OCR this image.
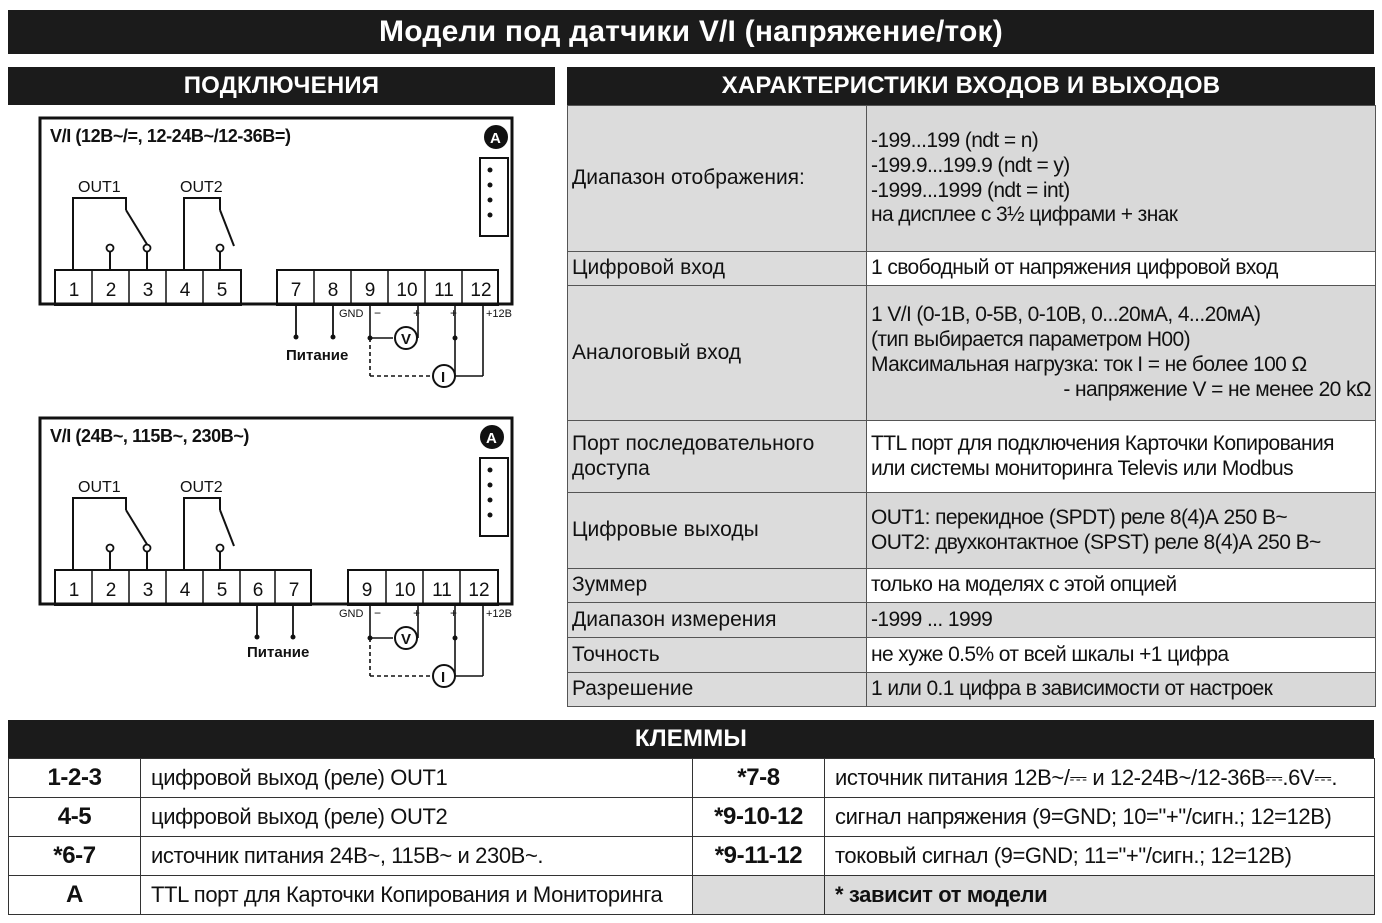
Модели под датчики V/I (напряжение/ток)
ПОДКЛЮЧЕНИЯ	ХАРАКТЕРИСТИКИ ВХОДОВ И ВЫХОДОВ
1 2 3 4 5	7 8 9 10 11 12
OUT1	OUT2
GND −	+ +	+12В
Питание
V
I
A
V/I (12В~/=, 12-24В~/12-36В=)
1 2 3 4 5 6 7	9 10 11 12
OUT1	OUT2
GND −	+ +	+12В
Питание
V
I
A
V/I (24В~, 115В~, 230В~)
Диапазон отображения:	-199...199 (ndt = n)
-199.9...199.9 (ndt = y)
-1999...1999 (ndt = int)
на дисплее с 3½ цифрами + знак

Цифровой вход	1 свободный от напряжения цифровой вход

Аналоговый вход	1 V/I (0-1В, 0-5В, 0-10В, 0...20мА, 4...20мА)
(тип выбирается параметром H00)
Максимальная нагрузка: ток I = не более 100 Ω
- напряжение V = не менее 20 kΩ

Порт последовательного доступа	TTL порт для подключения Карточки Копирования
или системы мониторинга Televis или Modbus

Цифровые выходы	OUT1: перекидное (SPDT) реле 8(4)А 250 В~
OUT2: двухконтактное (SPST) реле 8(4)А 250 В~

Зуммер	только на моделях с этой опцией

Диапазон измерения	-1999 ... 1999

Точность	не хуже 0.5% от всей шкалы +1 цифра

Разрешение	1 или 0.1 цифра в зависимости от настроек
КЛЕММЫ
1-2-3	цифровой выход (реле) OUT1	*7-8	источник питания 12В~/⎓ и 12-24В~/12-36В⎓.6V⎓.
4-5	цифровой выход (реле) OUT2	*9-10-12	сигнал напряжения (9=GND; 10="+"/сигн.; 12=12В)
*6-7	источник питания 24В~, 115В~ и 230В~.	*9-11-12	токовый сигнал (9=GND; 11="+"/сигн.; 12=12В)
A	TTL порт для Карточки Копирования и Мониторинга		* зависит от модели
